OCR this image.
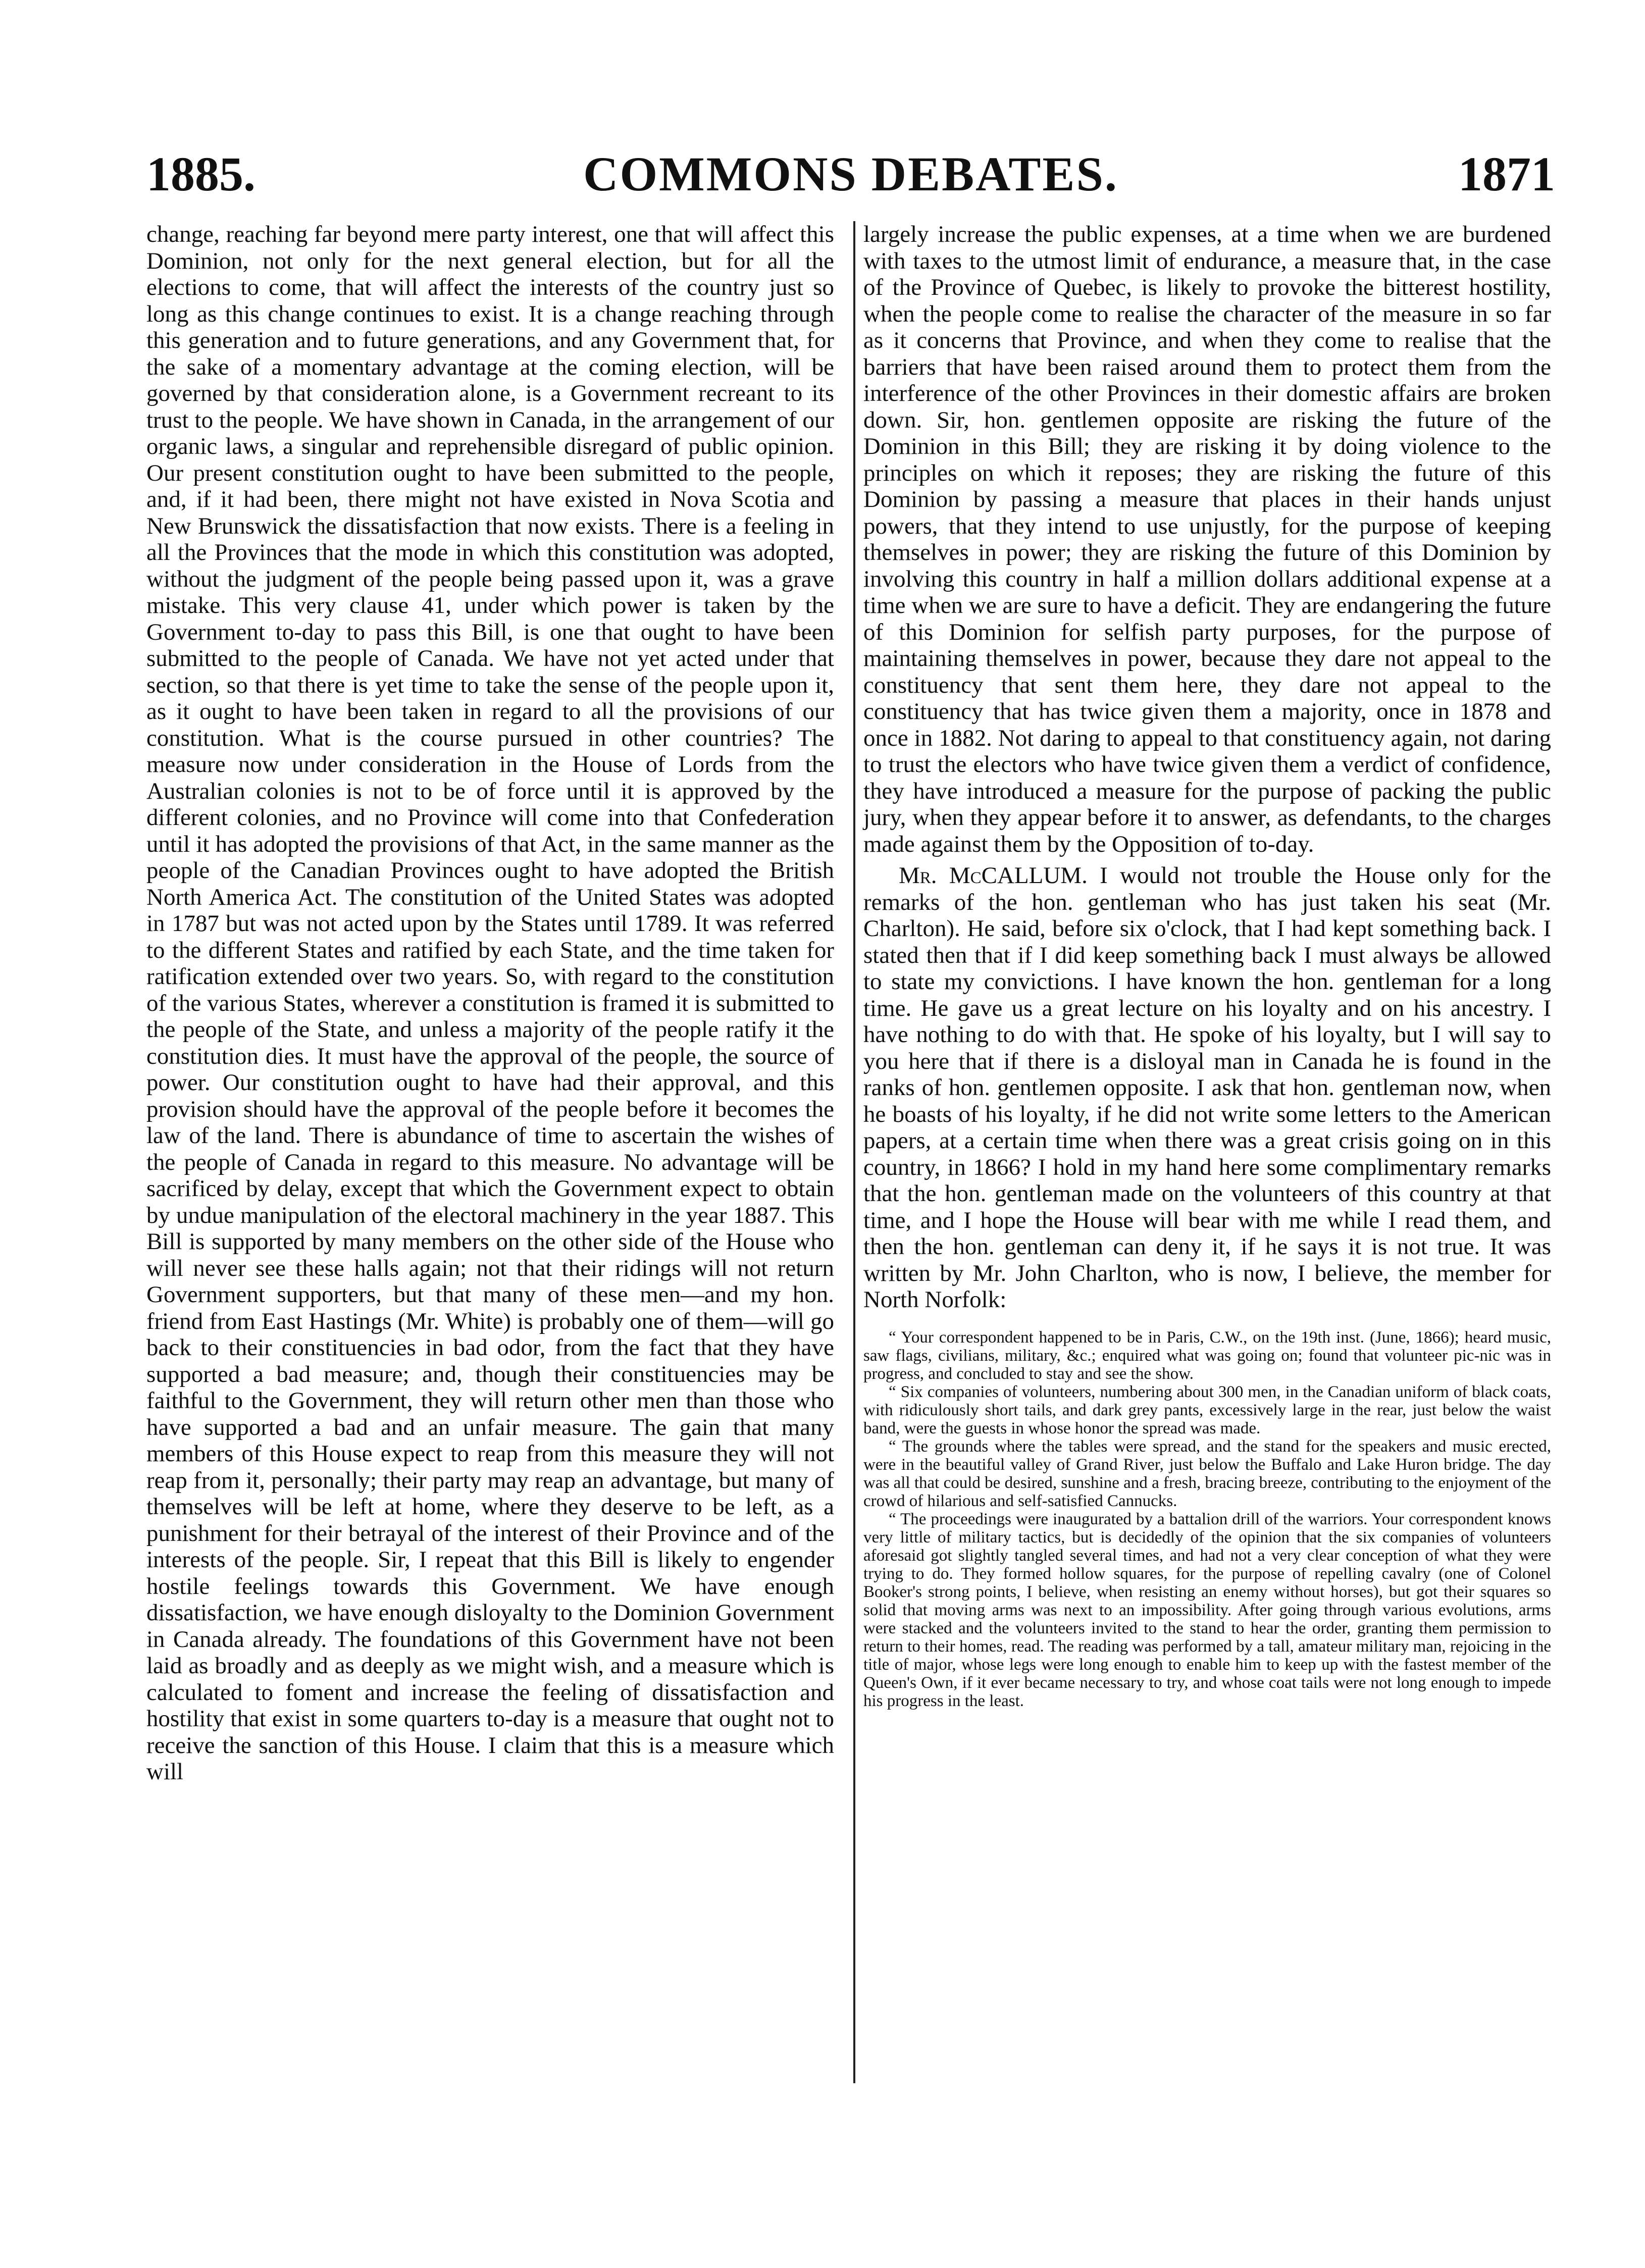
1885.	COMMONS DEBATES.	1871

change, reaching far beyond mere party interest, one that will affect this Dominion, not only for the next general election, but for all the elections to come, that will affect the interests of the country just so long as this change continues to exist. It is a change reaching through this generation and to future generations, and any Government that, for the sake of a momentary advantage at the coming election, will be governed by that consideration alone, is a Government recreant to its trust to the people. We have shown in Canada, in the arrangement of our organic laws, a singular and reprehensible disregard of public opinion. Our present constitution ought to have been submitted to the people, and, if it had been, there might not have existed in Nova Scotia and New Brunswick the dissatisfaction that now exists. There is a feeling in all the Provinces that the mode in which this constitution was adopted, without the judgment of the people being passed upon it, was a grave mistake. This very clause 41, under which power is taken by the Government to-day to pass this Bill, is one that ought to have been submitted to the people of Canada. We have not yet acted under that section, so that there is yet time to take the sense of the people upon it, as it ought to have been taken in regard to all the provisions of our constitution. What is the course pursued in other countries? The measure now under consideration in the House of Lords from the Australian colonies is not to be of force until it is approved by the different colonies, and no Province will come into that Confederation until it has adopted the provisions of that Act, in the same manner as the people of the Canadian Provinces ought to have adopted the British North America Act. The constitution of the United States was adopted in 1787 but was not acted upon by the States until 1789. It was referred to the different States and ratified by each State, and the time taken for ratification extended over two years. So, with regard to the constitution of the various States, wherever a constitution is framed it is submitted to the people of the State, and unless a majority of the people ratify it the constitution dies. It must have the approval of the people, the source of power. Our constitution ought to have had their approval, and this provision should have the approval of the people before it becomes the law of the land. There is abundance of time to ascertain the wishes of the people of Canada in regard to this measure. No advantage will be sacrificed by delay, except that which the Government expect to obtain by undue manipulation of the electoral machinery in the year 1887. This Bill is supported by many members on the other side of the House who will never see these halls again; not that their ridings will not return Government supporters, but that many of these men—and my hon. friend from East Hastings (Mr. White) is probably one of them—will go back to their constituencies in bad odor, from the fact that they have supported a bad measure; and, though their constituencies may be faithful to the Government, they will return other men than those who have supported a bad and an unfair measure. The gain that many members of this House expect to reap from this measure they will not reap from it, personally; their party may reap an advantage, but many of themselves will be left at home, where they deserve to be left, as a punishment for their betrayal of the interest of their Province and of the interests of the people. Sir, I repeat that this Bill is likely to engender hostile feelings towards this Government. We have enough dissatisfaction, we have enough disloyalty to the Dominion Government in Canada already. The foundations of this Government have not been laid as broadly and as deeply as we might wish, and a measure which is calculated to foment and increase the feeling of dissatisfaction and hostility that exist in some quarters to-day is a measure that ought not to receive the sanction of this House. I claim that this is a measure which will

largely increase the public expenses, at a time when we are burdened with taxes to the utmost limit of endurance, a measure that, in the case of the Province of Quebec, is likely to provoke the bitterest hostility, when the people come to realise the character of the measure in so far as it concerns that Province, and when they come to realise that the barriers that have been raised around them to protect them from the interference of the other Provinces in their domestic affairs are broken down. Sir, hon. gentlemen opposite are risking the future of the Dominion in this Bill; they are risking it by doing violence to the principles on which it reposes; they are risking the future of this Dominion by passing a measure that places in their hands unjust powers, that they intend to use unjustly, for the purpose of keeping themselves in power; they are risking the future of this Dominion by involving this country in half a million dollars additional expense at a time when we are sure to have a deficit. They are endangering the future of this Dominion for selfish party purposes, for the purpose of maintaining themselves in power, because they dare not appeal to the constituency that sent them here, they dare not appeal to the constituency that has twice given them a majority, once in 1878 and once in 1882. Not daring to appeal to that constituency again, not daring to trust the electors who have twice given them a verdict of confidence, they have introduced a measure for the purpose of packing the public jury, when they appear before it to answer, as defendants, to the charges made against them by the Opposition of to-day.

Mr. McCALLUM. I would not trouble the House only for the remarks of the hon. gentleman who has just taken his seat (Mr. Charlton). He said, before six o'clock, that I had kept something back. I stated then that if I did keep something back I must always be allowed to state my convictions. I have known the hon. gentleman for a long time. He gave us a great lecture on his loyalty and on his ancestry. I have nothing to do with that. He spoke of his loyalty, but I will say to you here that if there is a disloyal man in Canada he is found in the ranks of hon. gentlemen opposite. I ask that hon. gentleman now, when he boasts of his loyalty, if he did not write some letters to the American papers, at a certain time when there was a great crisis going on in this country, in 1866? I hold in my hand here some complimentary remarks that the hon. gentleman made on the volunteers of this country at that time, and I hope the House will bear with me while I read them, and then the hon. gentleman can deny it, if he says it is not true. It was written by Mr. John Charlton, who is now, I believe, the member for North Norfolk:

“ Your correspondent happened to be in Paris, C.W., on the 19th inst. (June, 1866); heard music, saw flags, civilians, military, &c.; enquired what was going on; found that volunteer pic-nic was in progress, and concluded to stay and see the show.

“ Six companies of volunteers, numbering about 300 men, in the Canadian uniform of black coats, with ridiculously short tails, and dark grey pants, excessively large in the rear, just below the waist band, were the guests in whose honor the spread was made.

“ The grounds where the tables were spread, and the stand for the speakers and music erected, were in the beautiful valley of Grand River, just below the Buffalo and Lake Huron bridge. The day was all that could be desired, sunshine and a fresh, bracing breeze, contributing to the enjoyment of the crowd of hilarious and self-satisfied Cannucks.

“ The proceedings were inaugurated by a battalion drill of the warriors. Your correspondent knows very little of military tactics, but is decidedly of the opinion that the six companies of volunteers aforesaid got slightly tangled several times, and had not a very clear conception of what they were trying to do. They formed hollow squares, for the purpose of repelling cavalry (one of Colonel Booker's strong points, I believe, when resisting an enemy without horses), but got their squares so solid that moving arms was next to an impossibility. After going through various evolutions, arms were stacked and the volunteers invited to the stand to hear the order, granting them permission to return to their homes, read. The reading was performed by a tall, amateur military man, rejoicing in the title of major, whose legs were long enough to enable him to keep up with the fastest member of the Queen's Own, if it ever became necessary to try, and whose coat tails were not long enough to impede his progress in the least.
